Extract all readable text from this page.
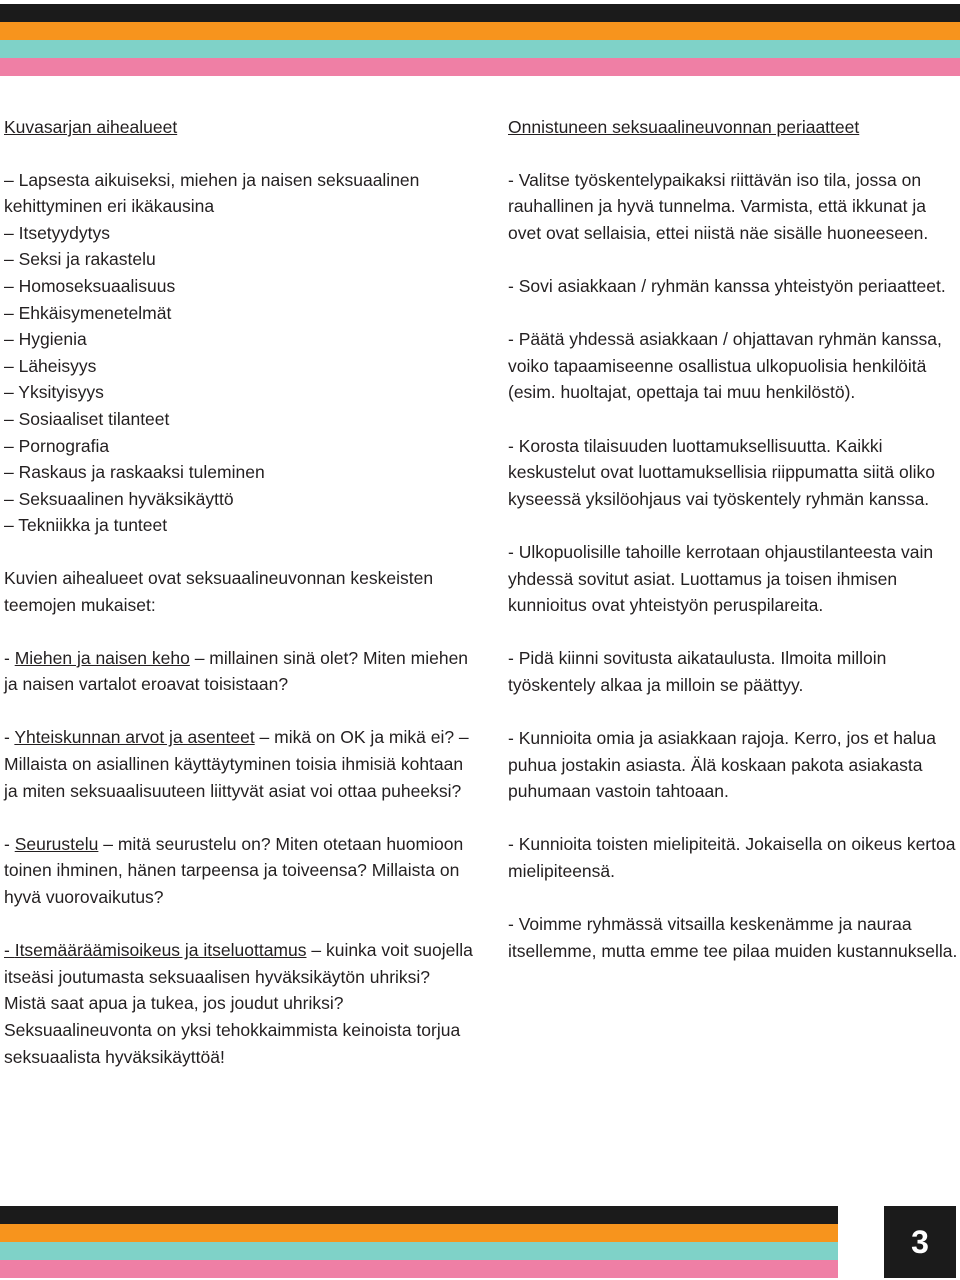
Kuvasarjan aihealueet
– Lapsesta aikuiseksi, miehen ja naisen seksuaalinen kehittyminen eri ikäkausina
– Itsetyydytys
– Seksi ja rakastelu
– Homoseksuaalisuus
– Ehkäisymenetelmät
– Hygienia
– Läheisyys
– Yksityisyys
– Sosiaaliset tilanteet
– Pornografia
– Raskaus ja raskaaksi tuleminen
– Seksuaalinen hyväksikäyttö
– Tekniikka ja tunteet

Kuvien aihealueet ovat seksuaalineuvonnan keskeisten teemojen mukaiset:

- Miehen ja naisen keho – millainen sinä olet? Miten miehen ja naisen vartalot eroavat toisistaan?

- Yhteiskunnan arvot ja asenteet – mikä on OK ja mikä ei? – Millaista on asiallinen käyttäytyminen toisia ihmisiä kohtaan ja miten seksuaalisuuteen liittyvät asiat voi ottaa puheeksi?

- Seurustelu – mitä seurustelu on? Miten otetaan huomioon toinen ihminen, hänen tarpeensa ja toiveensa? Millaista on hyvä vuorovaikutus?

- Itsemääräämisoikeus ja itseluottamus – kuinka voit suojella itseäsi joutumasta seksuaalisen hyväksikäytön uhriksi? Mistä saat apua ja tukea, jos joudut uhriksi? Seksuaalineuvonta on yksi tehokkaimmista keinoista torjua seksuaalista hyväksikäyttöä!

Onnistuneen seksuaalineuvonnan periaatteet

- Valitse työskentelypaikaksi riittävän iso tila, jossa on rauhallinen ja hyvä tunnelma. Varmista, että ikkunat ja ovet ovat sellaisia, ettei niistä näe sisälle huoneeseen.

- Sovi asiakkaan / ryhmän kanssa yhteistyön periaatteet.

- Päätä yhdessä asiakkaan / ohjattavan ryhmän kanssa, voiko tapaamiseenne osallistua ulkopuolisia henkilöitä (esim. huoltajat, opettaja tai muu henkilöstö).

- Korosta tilaisuuden luottamuksellisuutta. Kaikki keskustelut ovat luottamuksellisia riippumatta siitä oliko kyseessä yksilöohjaus vai työskentely ryhmän kanssa.

- Ulkopuolisille tahoille kerrotaan ohjaustilanteesta vain yhdessä sovitut asiat. Luottamus ja toisen ihmisen kunnioitus ovat yhteistyön peruspilareita.

- Pidä kiinni sovitusta aikataulusta. Ilmoita milloin työskentely alkaa ja milloin se päättyy.

- Kunnioita omia ja asiakkaan rajoja. Kerro, jos et halua puhua jostakin asiasta. Älä koskaan pakota asiakasta puhumaan vastoin tahtoaan.

- Kunnioita toisten mielipiteitä. Jokaisella on oikeus kertoa mielipiteensä.

- Voimme ryhmässä vitsailla keskenämme ja nauraa itsellemme, mutta emme tee pilaa muiden kustannuksella.

3
